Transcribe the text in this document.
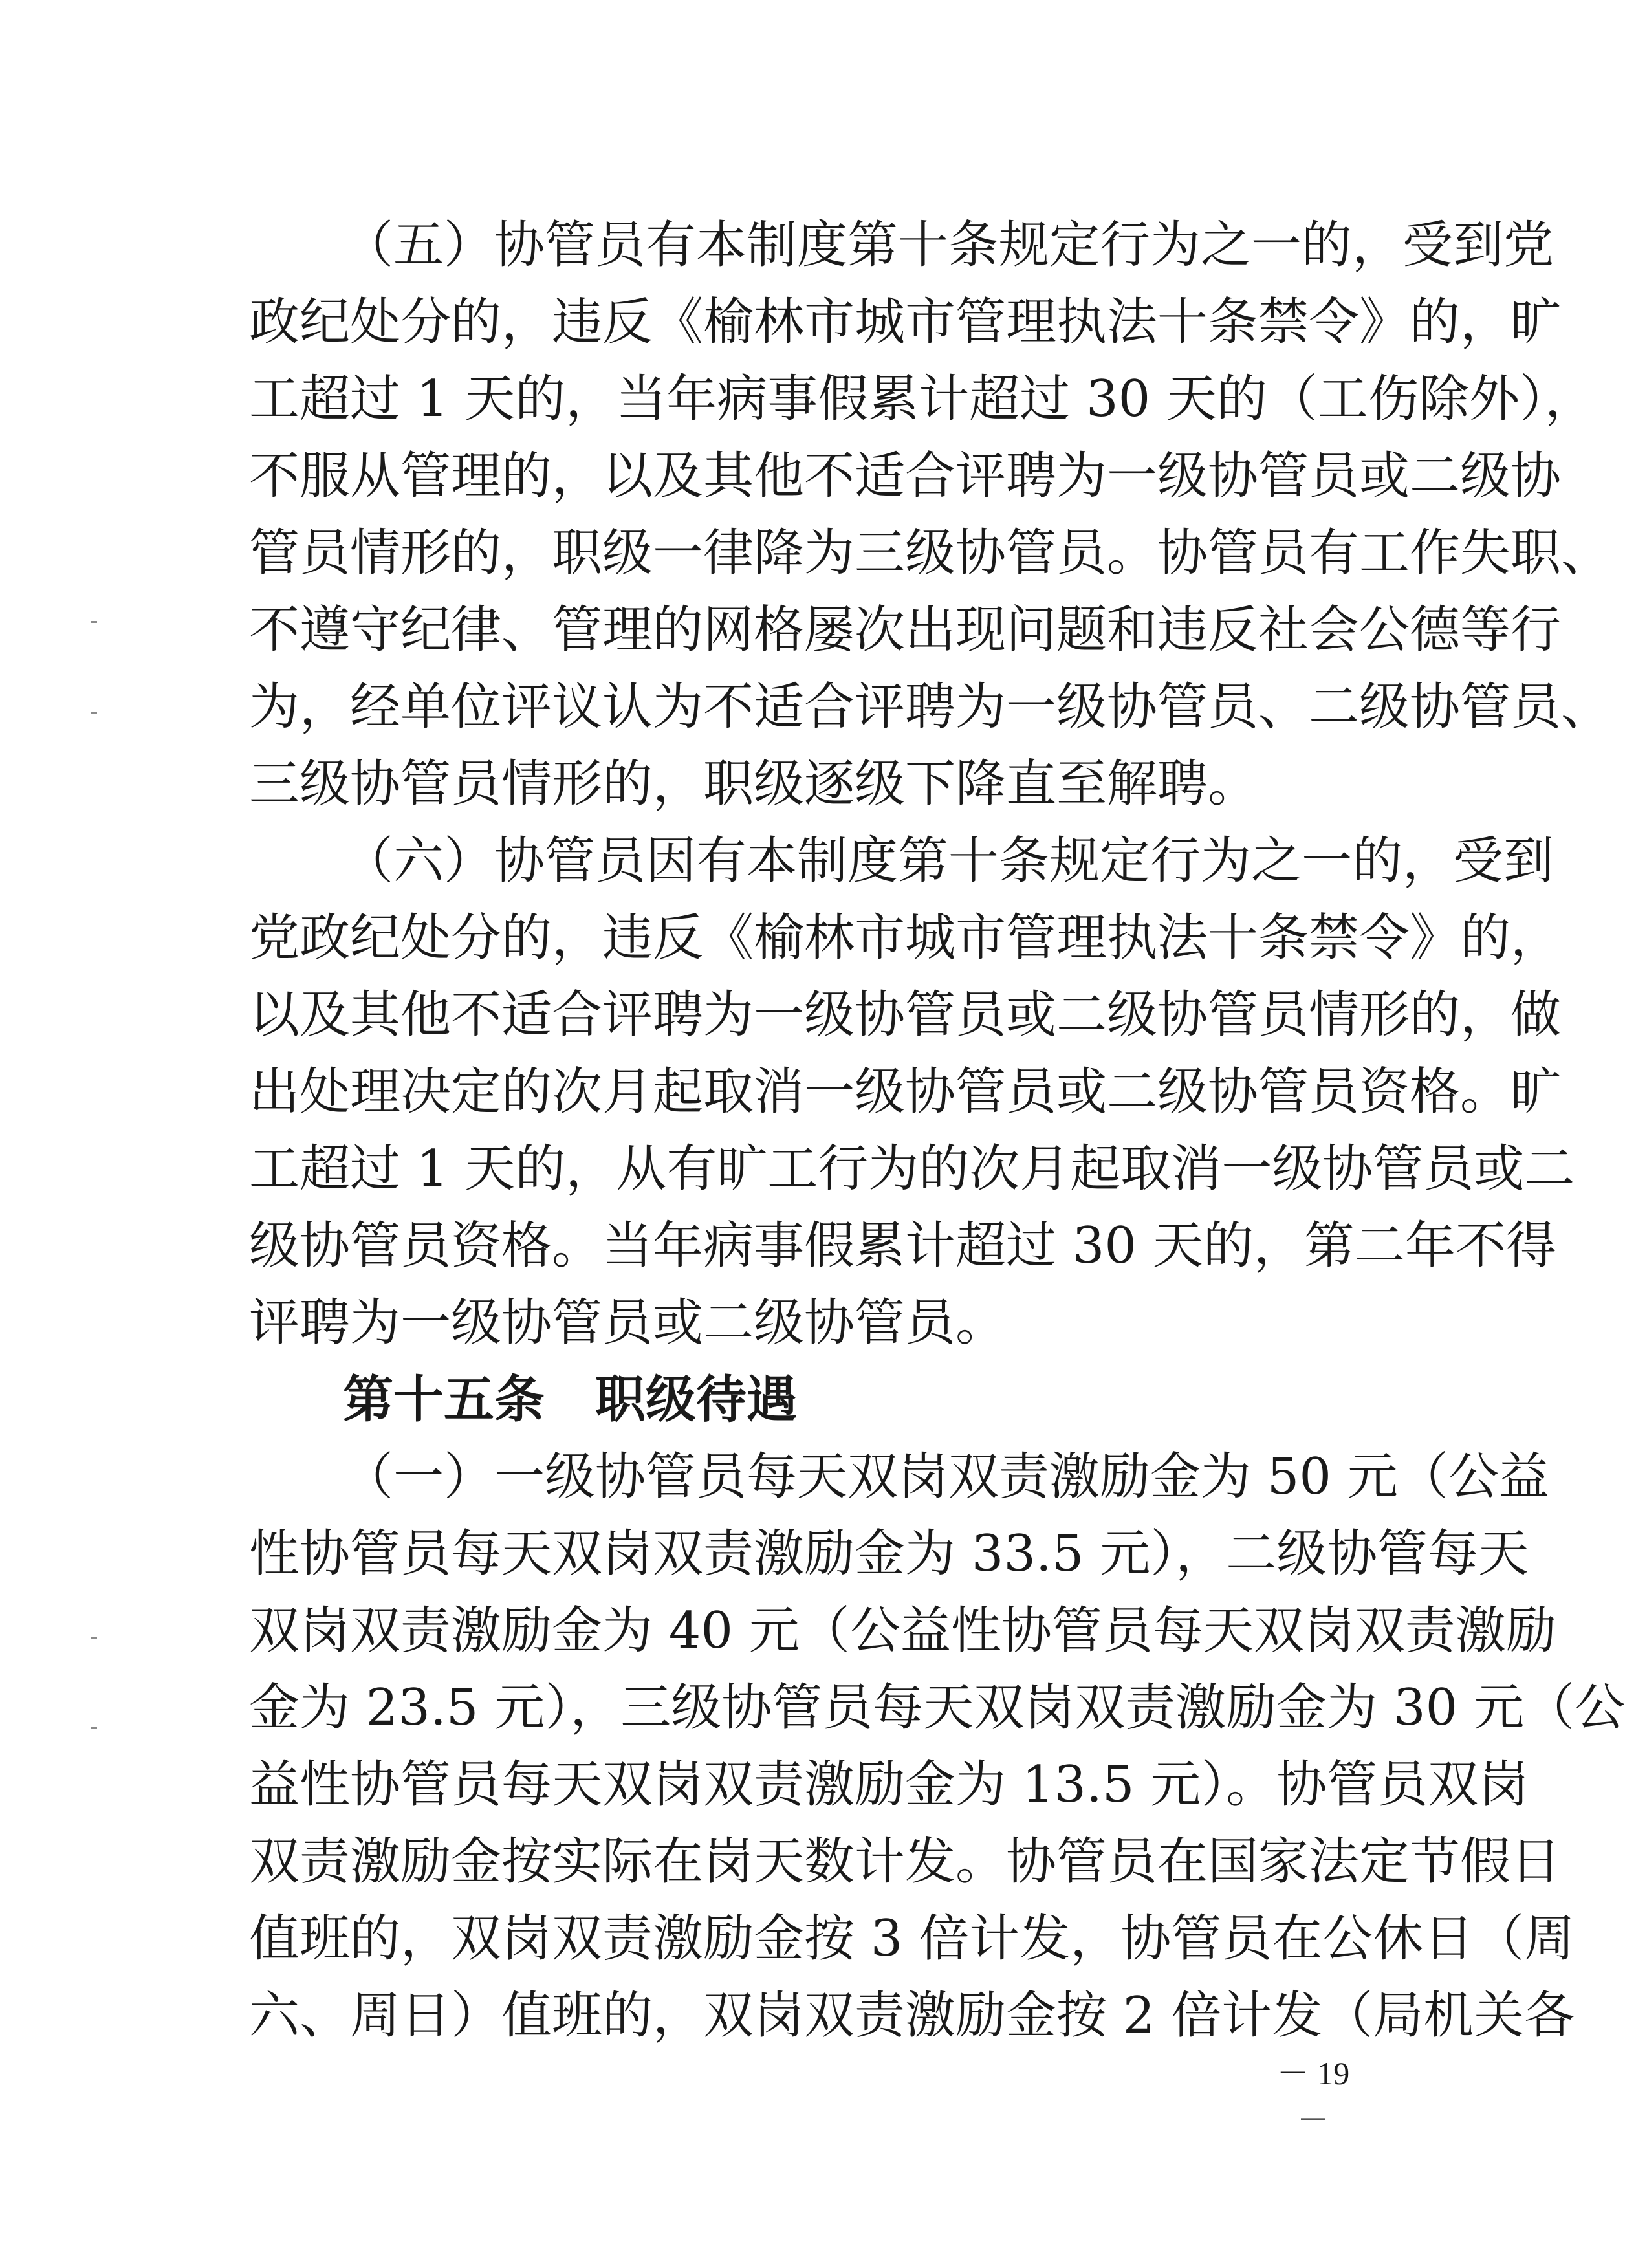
（五）协管员有本制度第十条规定行为之一的，受到党
政纪处分的，违反《榆林市城市管理执法十条禁令》的，旷
工超过 1 天的，当年病事假累计超过 30 天的（工伤除外），
不服从管理的，以及其他不适合评聘为一级协管员或二级协
管员情形的，职级一律降为三级协管员。协管员有工作失职、
不遵守纪律、管理的网格屡次出现问题和违反社会公德等行
为，经单位评议认为不适合评聘为一级协管员、二级协管员、
三级协管员情形的，职级逐级下降直至解聘。
（六）协管员因有本制度第十条规定行为之一的，受到
党政纪处分的，违反《榆林市城市管理执法十条禁令》的，
以及其他不适合评聘为一级协管员或二级协管员情形的，做
出处理决定的次月起取消一级协管员或二级协管员资格。旷
工超过 1 天的，从有旷工行为的次月起取消一级协管员或二
级协管员资格。当年病事假累计超过 30 天的，第二年不得
评聘为一级协管员或二级协管员。
第十五条　职级待遇
（一）一级协管员每天双岗双责激励金为 50 元（公益
性协管员每天双岗双责激励金为 33.5 元），二级协管每天
双岗双责激励金为 40 元（公益性协管员每天双岗双责激励
金为 23.5 元），三级协管员每天双岗双责激励金为 30 元（公
益性协管员每天双岗双责激励金为 13.5 元）。协管员双岗
双责激励金按实际在岗天数计发。协管员在国家法定节假日
值班的，双岗双责激励金按 3 倍计发，协管员在公休日（周
六、周日）值班的，双岗双责激励金按 2 倍计发（局机关各
－ 19 －
